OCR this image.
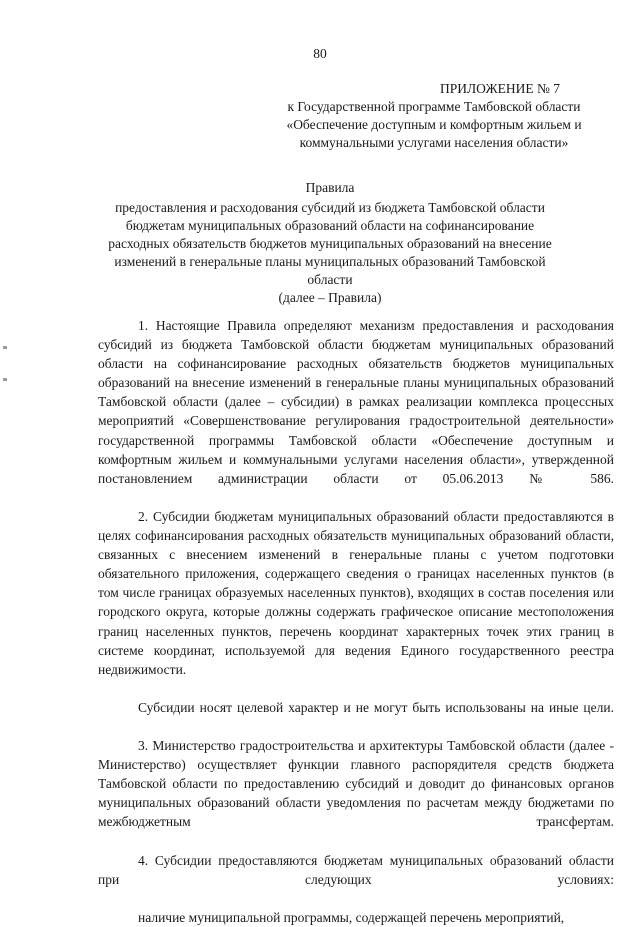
80
ПРИЛОЖЕНИЕ № 7
к Государственной программе Тамбовской области
«Обеспечение доступным и комфортным жильем и
коммунальными услугами населения области»
Правила
предоставления и расходования субсидий из бюджета Тамбовской области
бюджетам муниципальных образований области на софинансирование
расходных обязательств бюджетов муниципальных образований на внесение
изменений в генеральные планы муниципальных образований Тамбовской
области
(далее – Правила)

1. Настоящие Правила определяют механизм предоставления и расходования субсидий из бюджета Тамбовской области бюджетам муниципальных образований области на софинансирование расходных обязательств бюджетов муниципальных образований на внесение изменений в генеральные планы муниципальных образований Тамбовской области (далее – субсидии) в рамках реализации комплекса процессных мероприятий «Совершенствование регулирования градостроительной деятельности» государственной программы Тамбовской области «Обеспечение доступным и комфортным жильем и коммунальными услугами населения области», утвержденной постановлением администрации области от 05.06.2013 № 586.

2. Субсидии бюджетам муниципальных образований области предоставляются в целях софинансирования расходных обязательств муниципальных образований области, связанных с внесением изменений в генеральные планы с учетом подготовки обязательного приложения, содержащего сведения о границах населенных пунктов (в том числе границах образуемых населенных пунктов), входящих в состав поселения или городского округа, которые должны содержать графическое описание местоположения границ населенных пунктов, перечень координат характерных точек этих границ в системе координат, используемой для ведения Единого государственного реестра недвижимости.

Субсидии носят целевой характер и не могут быть использованы на иные цели.

3. Министерство градостроительства и архитектуры Тамбовской области (далее - Министерство) осуществляет функции главного распорядителя средств бюджета Тамбовской области по предоставлению субсидий и доводит до финансовых органов муниципальных образований области уведомления по расчетам между бюджетами по межбюджетным трансфертам.

4. Субсидии предоставляются бюджетам муниципальных образований области при следующих условиях:

наличие муниципальной программы, содержащей перечень мероприятий,
